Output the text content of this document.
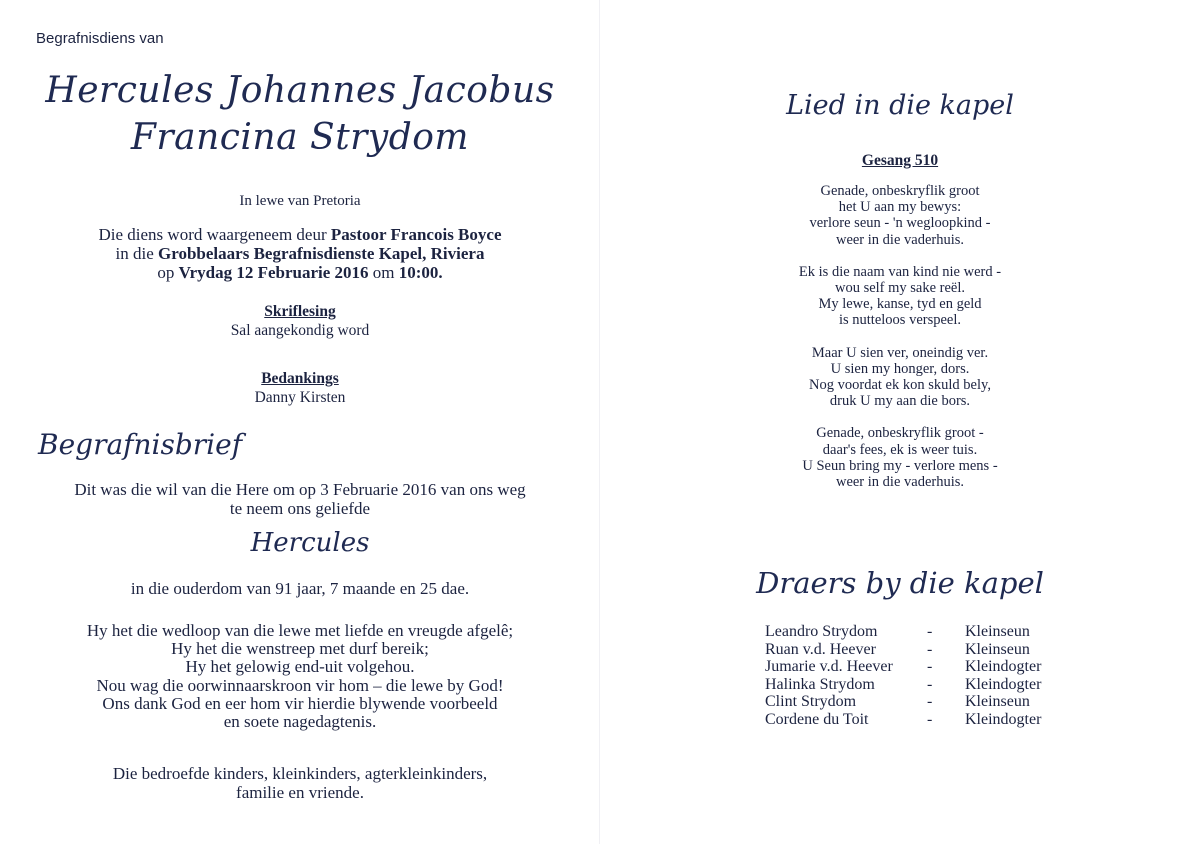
Begrafnisdiens van

Hercules Johannes Jacobus

Francina Strydom

In lewe van Pretoria

Die diens word waargeneem deur Pastoor Francois Boyce
in die Grobbelaars Begrafnisdienste Kapel, Riviera
op Vrydag 12 Februarie 2016 om 10:00.
Skriflesing
Sal aangekondig word
Bedankings
Danny Kirsten

Begrafnisbrief

Dit was die wil van die Here om op 3 Februarie 2016 van ons weg
te neem ons geliefde

Hercules

in die ouderdom van 91 jaar, 7 maande en 25 dae.

Hy het die wedloop van die lewe met liefde en vreugde afgelê;
Hy het die wenstreep met durf bereik;
Hy het gelowig end-uit volgehou.
Nou wag die oorwinnaarskroon vir hom – die lewe by God!
Ons dank God en eer hom vir hierdie blywende voorbeeld
en soete nagedagtenis.
Die bedroefde kinders, kleinkinders, agterkleinkinders,
familie en vriende.

Lied in die kapel

Gesang 510

Genade, onbeskryflik groot
het U aan my bewys:
verlore seun - 'n wegloopkind -
weer in die vaderhuis.
Ek is die naam van kind nie werd -
wou self my sake reël.
My lewe, kanse, tyd en geld
is nutteloos verspeel.
Maar U sien ver, oneindig ver.
U sien my honger, dors.
Nog voordat ek kon skuld bely,
druk U my aan die bors.
Genade, onbeskryflik groot -
daar's fees, ek is weer tuis.
U Seun bring my - verlore mens -
weer in die vaderhuis.

Draers by die kapel

Leandro Strydom	-	Kleinseun
Ruan v.d. Heever	-	Kleinseun
Jumarie v.d. Heever	-	Kleindogter
Halinka Strydom	-	Kleindogter
Clint Strydom	-	Kleinseun
Cordene du Toit	-	Kleindogter
